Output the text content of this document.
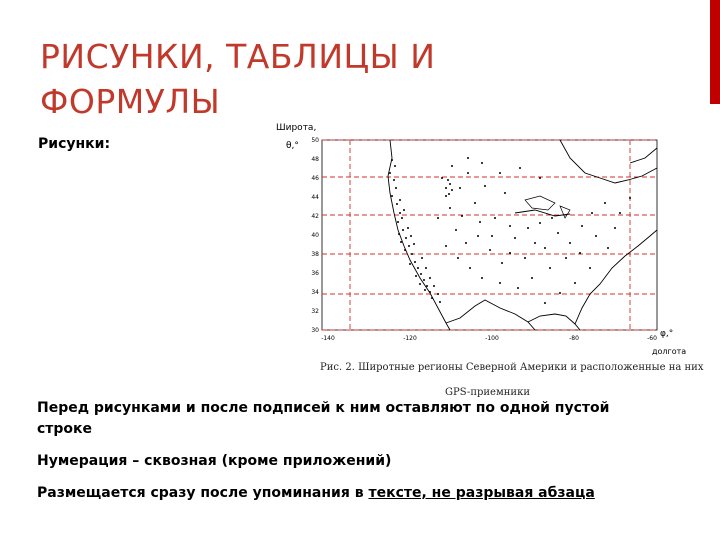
РИСУНКИ, ТАБЛИЦЫ И
ФОРМУЛЫ
Рисунки:
Широта,
θ,°
50
48
46
44
42
40
38
36
34
32
30
-140	-120	-100	-80	-60 φ,°
долгота
Рис. 2. Широтные регионы Северной Америки и расположенные на них
GPS-приемники

Перед рисунками и после подписей к ним оставляют по одной пустой строке

Нумерация – сквозная (кроме приложений)

Размещается сразу после упоминания в тексте, не разрывая абзаца
